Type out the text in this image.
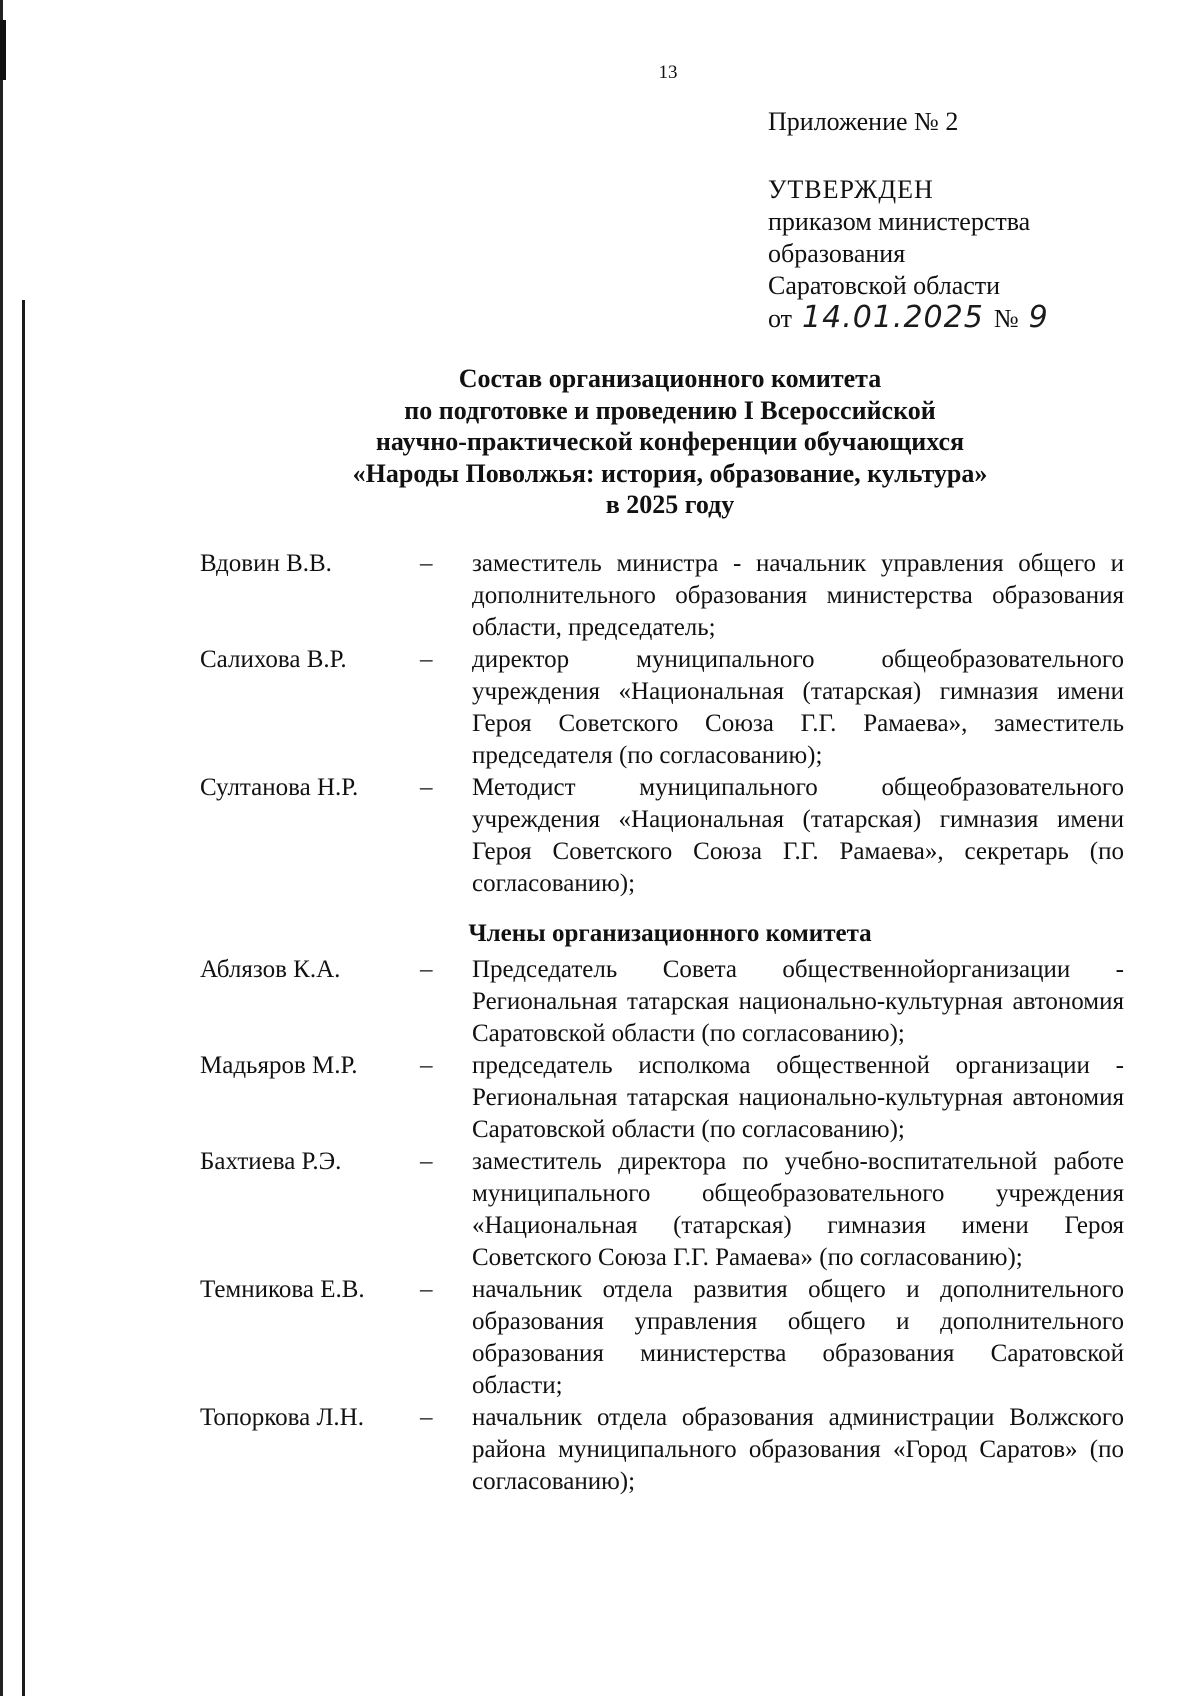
13
Приложение № 2
УТВЕРЖДЕН
приказом министерства
образования
Саратовской области
от 14.01.2025 № 9
Состав организационного комитета
по подготовке и проведению I Всероссийской
научно-практической конференции обучающихся
«Народы Поволжья: история, образование, культура»
в 2025 году
Вдовин В.В.	–	заместитель министра - начальник управления общего и дополнительного образования министерства образования области, председатель;
Салихова В.Р.	–	директор муниципального общеобразовательного учреждения «Национальная (татарская) гимназия имени Героя Советского Союза Г.Г. Рамаева», заместитель председателя (по согласованию);
Султанова Н.Р.	–	Методист муниципального общеобразовательного учреждения «Национальная (татарская) гимназия имени Героя Советского Союза Г.Г. Рамаева», секретарь (по согласованию);
Члены организационного комитета
Аблязов К.А.	–	Председатель Совета общественнойорганизации - Региональная татарская национально-культурная автономия Саратовской области (по согласованию);
Мадьяров М.Р.	–	председатель исполкома общественной организации - Региональная татарская национально-культурная автономия Саратовской области (по согласованию);
Бахтиева Р.Э.	–	заместитель директора по учебно-воспитательной работе муниципального общеобразовательного учреждения «Национальная (татарская) гимназия имени Героя Советского Союза Г.Г. Рамаева» (по согласованию);
Темникова Е.В.	–	начальник отдела развития общего и дополнительного образования управления общего и дополнительного образования министерства образования Саратовской области;
Топоркова Л.Н.	–	начальник отдела образования администрации Волжского района муниципального образования «Город Саратов» (по согласованию);
